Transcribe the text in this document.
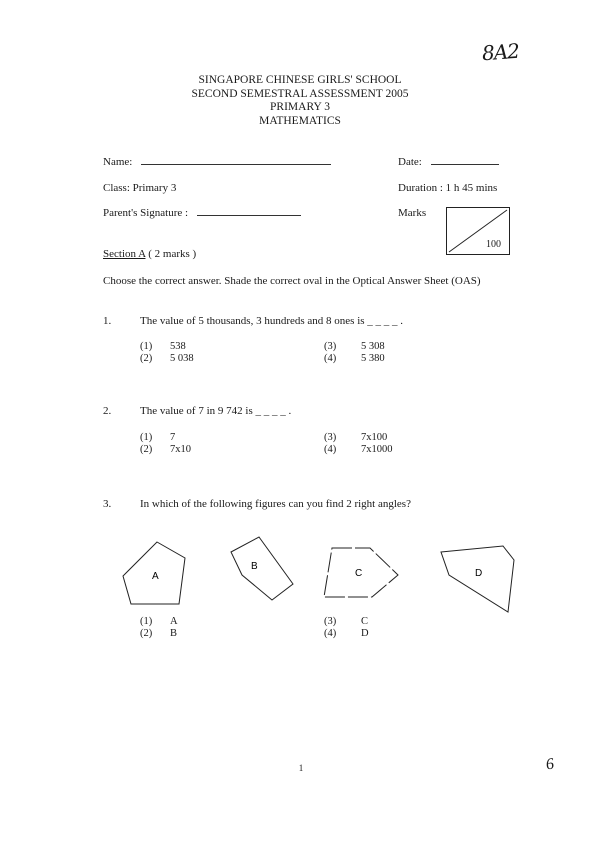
8A2
SINGAPORE CHINESE GIRLS' SCHOOL
SECOND SEMESTRAL ASSESSMENT 2005
PRIMARY 3
MATHEMATICS
Name:	Date:
Class: Primary 3	Duration : 1 h 45 mins
Parent's Signature :	Marks
100
Section A ( 2 marks )
Choose the correct answer. Shade the correct oval in the Optical Answer Sheet (OAS)
1.	The value of 5 thousands, 3 hundreds and 8 ones is _ _ _ _ .
(1) 538
(2) 5 038
(3) 5 308
(4) 5 380
2.	The value of 7 in 9 742 is _ _ _ _ .
(1) 7
(2) 7x10
(3) 7x100
(4) 7x1000
3.	In which of the following figures can you find 2 right angles?
A
B
C	D
(1) A
(2) B
(3) C
(4) D
1	6
